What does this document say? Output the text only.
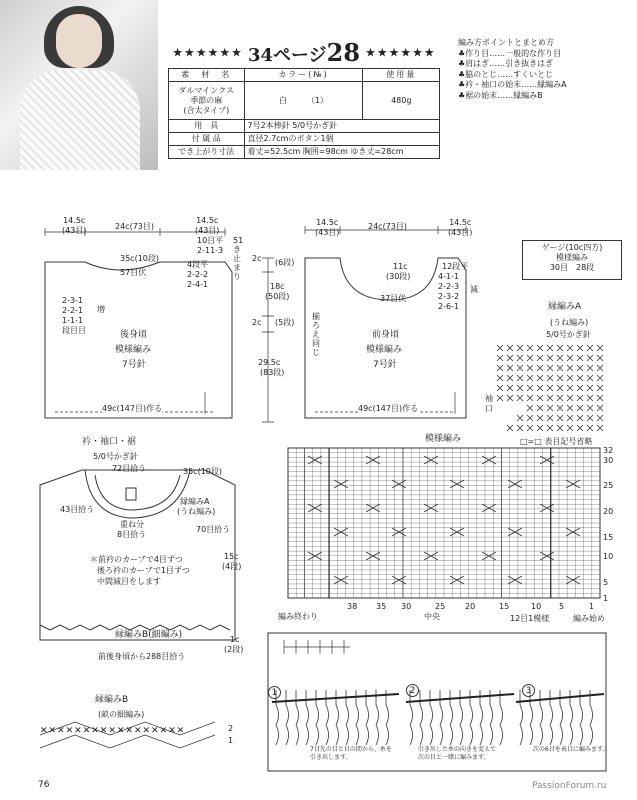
★★★★★★ 34ページ28 ★★★★★★
素　材　名	カラー(№)	使用量

ダルマインクス
季節の麻
(合太タイプ)	白　　　 （1）	480g
用　具	7号2本棒針 5/0号かぎ針	
付 属 品	直径2.7cmのボタン1個	
でき上がり寸法	着丈=52.5cm 胸囲=98cm ゆき丈=28cm	
編み方ポイントとまとめ方
♣作り目……一般的な作り目
♣肩はぎ……引き抜きはぎ
♣脇のとじ……すくいとじ
♣衿・袖口の始末……縁編みA
♣裾の始末……縁編みB
14.5c
(43目)	24c(73目)
14.5c
(43目)
35c(10段)
57目伏
10目平
2-11-3
4段平
2-2-2
2-4-1
51き止まり
2-3-1
2-2-1
1-1-1
増
段目目	後身頃
模様編み
7号針
49c(147目)作る
2c (6段)
18c
(50段)
2c (5段)
29.5c
(83段)
14.5c
(43目)
24c(73目)	14.5c
(43目)
11c
(30段)
37目伏
12段平
4-1-1
2-2-3
2-3-2
2-6-1
減
揃ろえ同じ
前身頃
模様編み
7号針
49c(147目)作る
ゲージ(10c四方)
模様編み
30目　 28段
縁編みA
(うね編み)
5/0号かぎ針
袖口
衿・袖口・裾
5/0号かぎ針
72目拾う	35c(10段)
43目拾う
重ね分
8目拾う
縁編みA
(うね編み)
70目拾う
＊前衿のカーブで4目ずつ
後ろ衿のカーブで1目ずつ
中間減目をします
15c
(4段)
縁編みB(細編み)
前後身頃から288目拾う
1c
(2段)
縁編みB
(畝の細編み)
2
1
✕✕✕✕✕✕✕✕✕✕✕✕✕✕✕✕✕
模様編み	□=□ 表目記号省略
32
30
25
20
15
10
5
1
38 35 30	25 20	15	10 5	1
編み終わり	中央	12目1模様	編み始め
1	2	3
7目先の目と目の間から、糸を
引き出します。
引き出した糸の向きを変えて
次の目と一緒に編みます。
次の6目を表目に編みます。
76	PassionForum.ru
